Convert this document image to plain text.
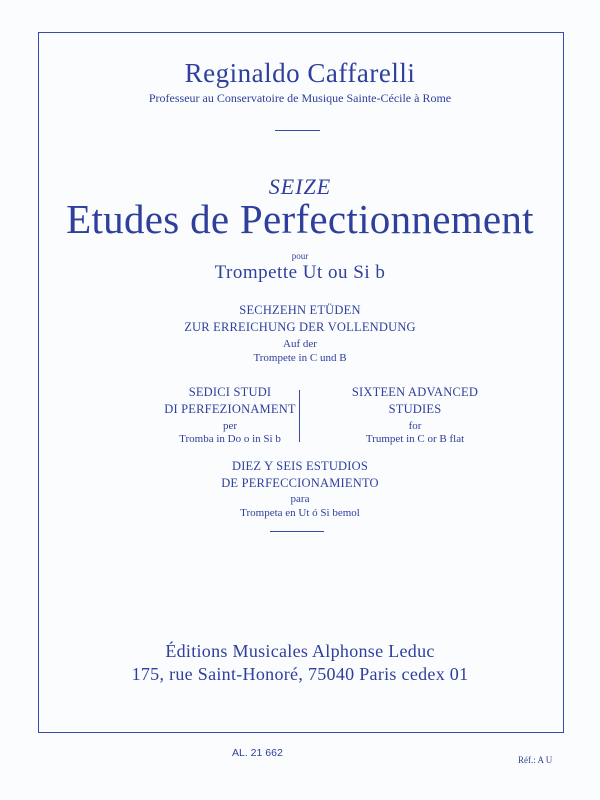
Reginaldo Caffarelli
Professeur au Conservatoire de Musique Sainte-Cécile à Rome
SEIZE
Etudes de Perfectionnement
pour
Trompette Ut ou Si b
SECHZEHN ETÜDEN
ZUR ERREICHUNG DER VOLLENDUNG
Auf der
Trompete in C und B
SEDICI STUDI
DI PERFEZIONAMENT
per
Tromba in Do o in Si b
SIXTEEN ADVANCED
STUDIES
for
Trumpet in C or B flat
DIEZ Y SEIS ESTUDIOS
DE PERFECCIONAMIENTO
para
Trompeta en Ut ó Si bemol
Éditions Musicales Alphonse Leduc
175, rue Saint-Honoré, 75040 Paris cedex 01
AL. 21 662
Réf.: A U
